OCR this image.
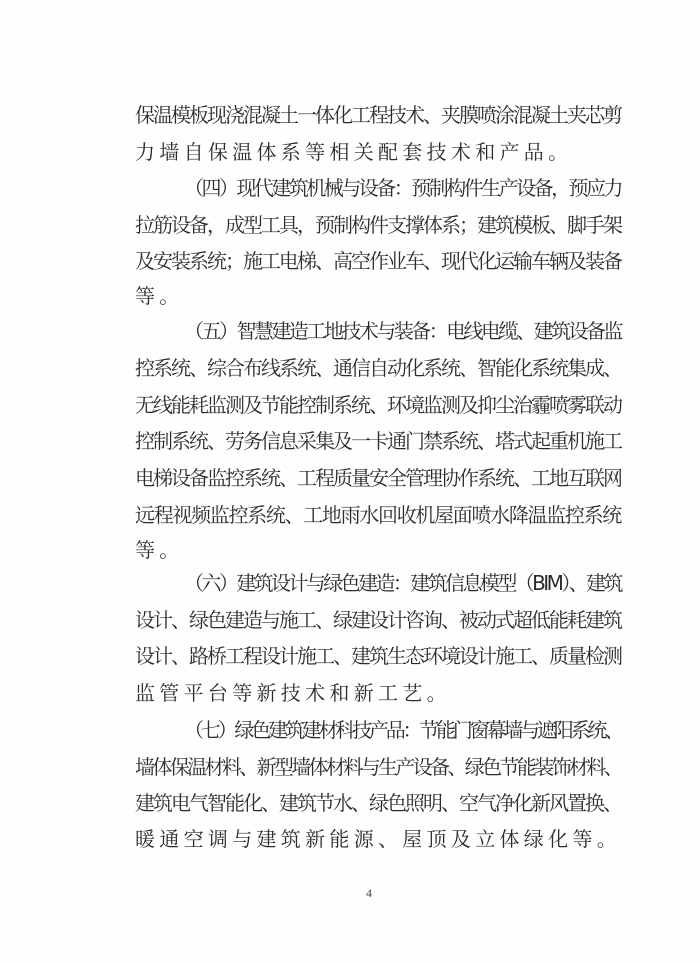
保温模板现浇混凝土一体化工程技术、夹膜喷涂混凝土夹芯剪
力墙自保温体系等相关配套技术和产品。
（四）现代建筑机械与设备：预制构件生产设备，预应力
拉筋设备，成型工具，预制构件支撑体系；建筑模板、脚手架
及安装系统；施工电梯、高空作业车、现代化运输车辆及装备
等。
（五）智慧建造工地技术与装备：电线电缆、建筑设备监
控系统、综合布线系统、通信自动化系统、智能化系统集成、
无线能耗监测及节能控制系统、环境监测及抑尘治霾喷雾联动
控制系统、劳务信息采集及一卡通门禁系统、塔式起重机施工
电梯设备监控系统、工程质量安全管理协作系统、工地互联网
远程视频监控系统、工地雨水回收机屋面喷水降温监控系统
等。
（六）建筑设计与绿色建造：建筑信息模型（BIM）、建筑
设计、绿色建造与施工、绿建设计咨询、被动式超低能耗建筑
设计、路桥工程设计施工、建筑生态环境设计施工、质量检测
监管平台等新技术和新工艺。
（七）绿色建筑建材科技产品：节能门窗幕墙与遮阳系统、
墙体保温材料、新型墙体材料与生产设备、绿色节能装饰材料、
建筑电气智能化、建筑节水、绿色照明、空气净化新风置换、
暖通空调与建筑新能源、屋顶及立体绿化等。
4
